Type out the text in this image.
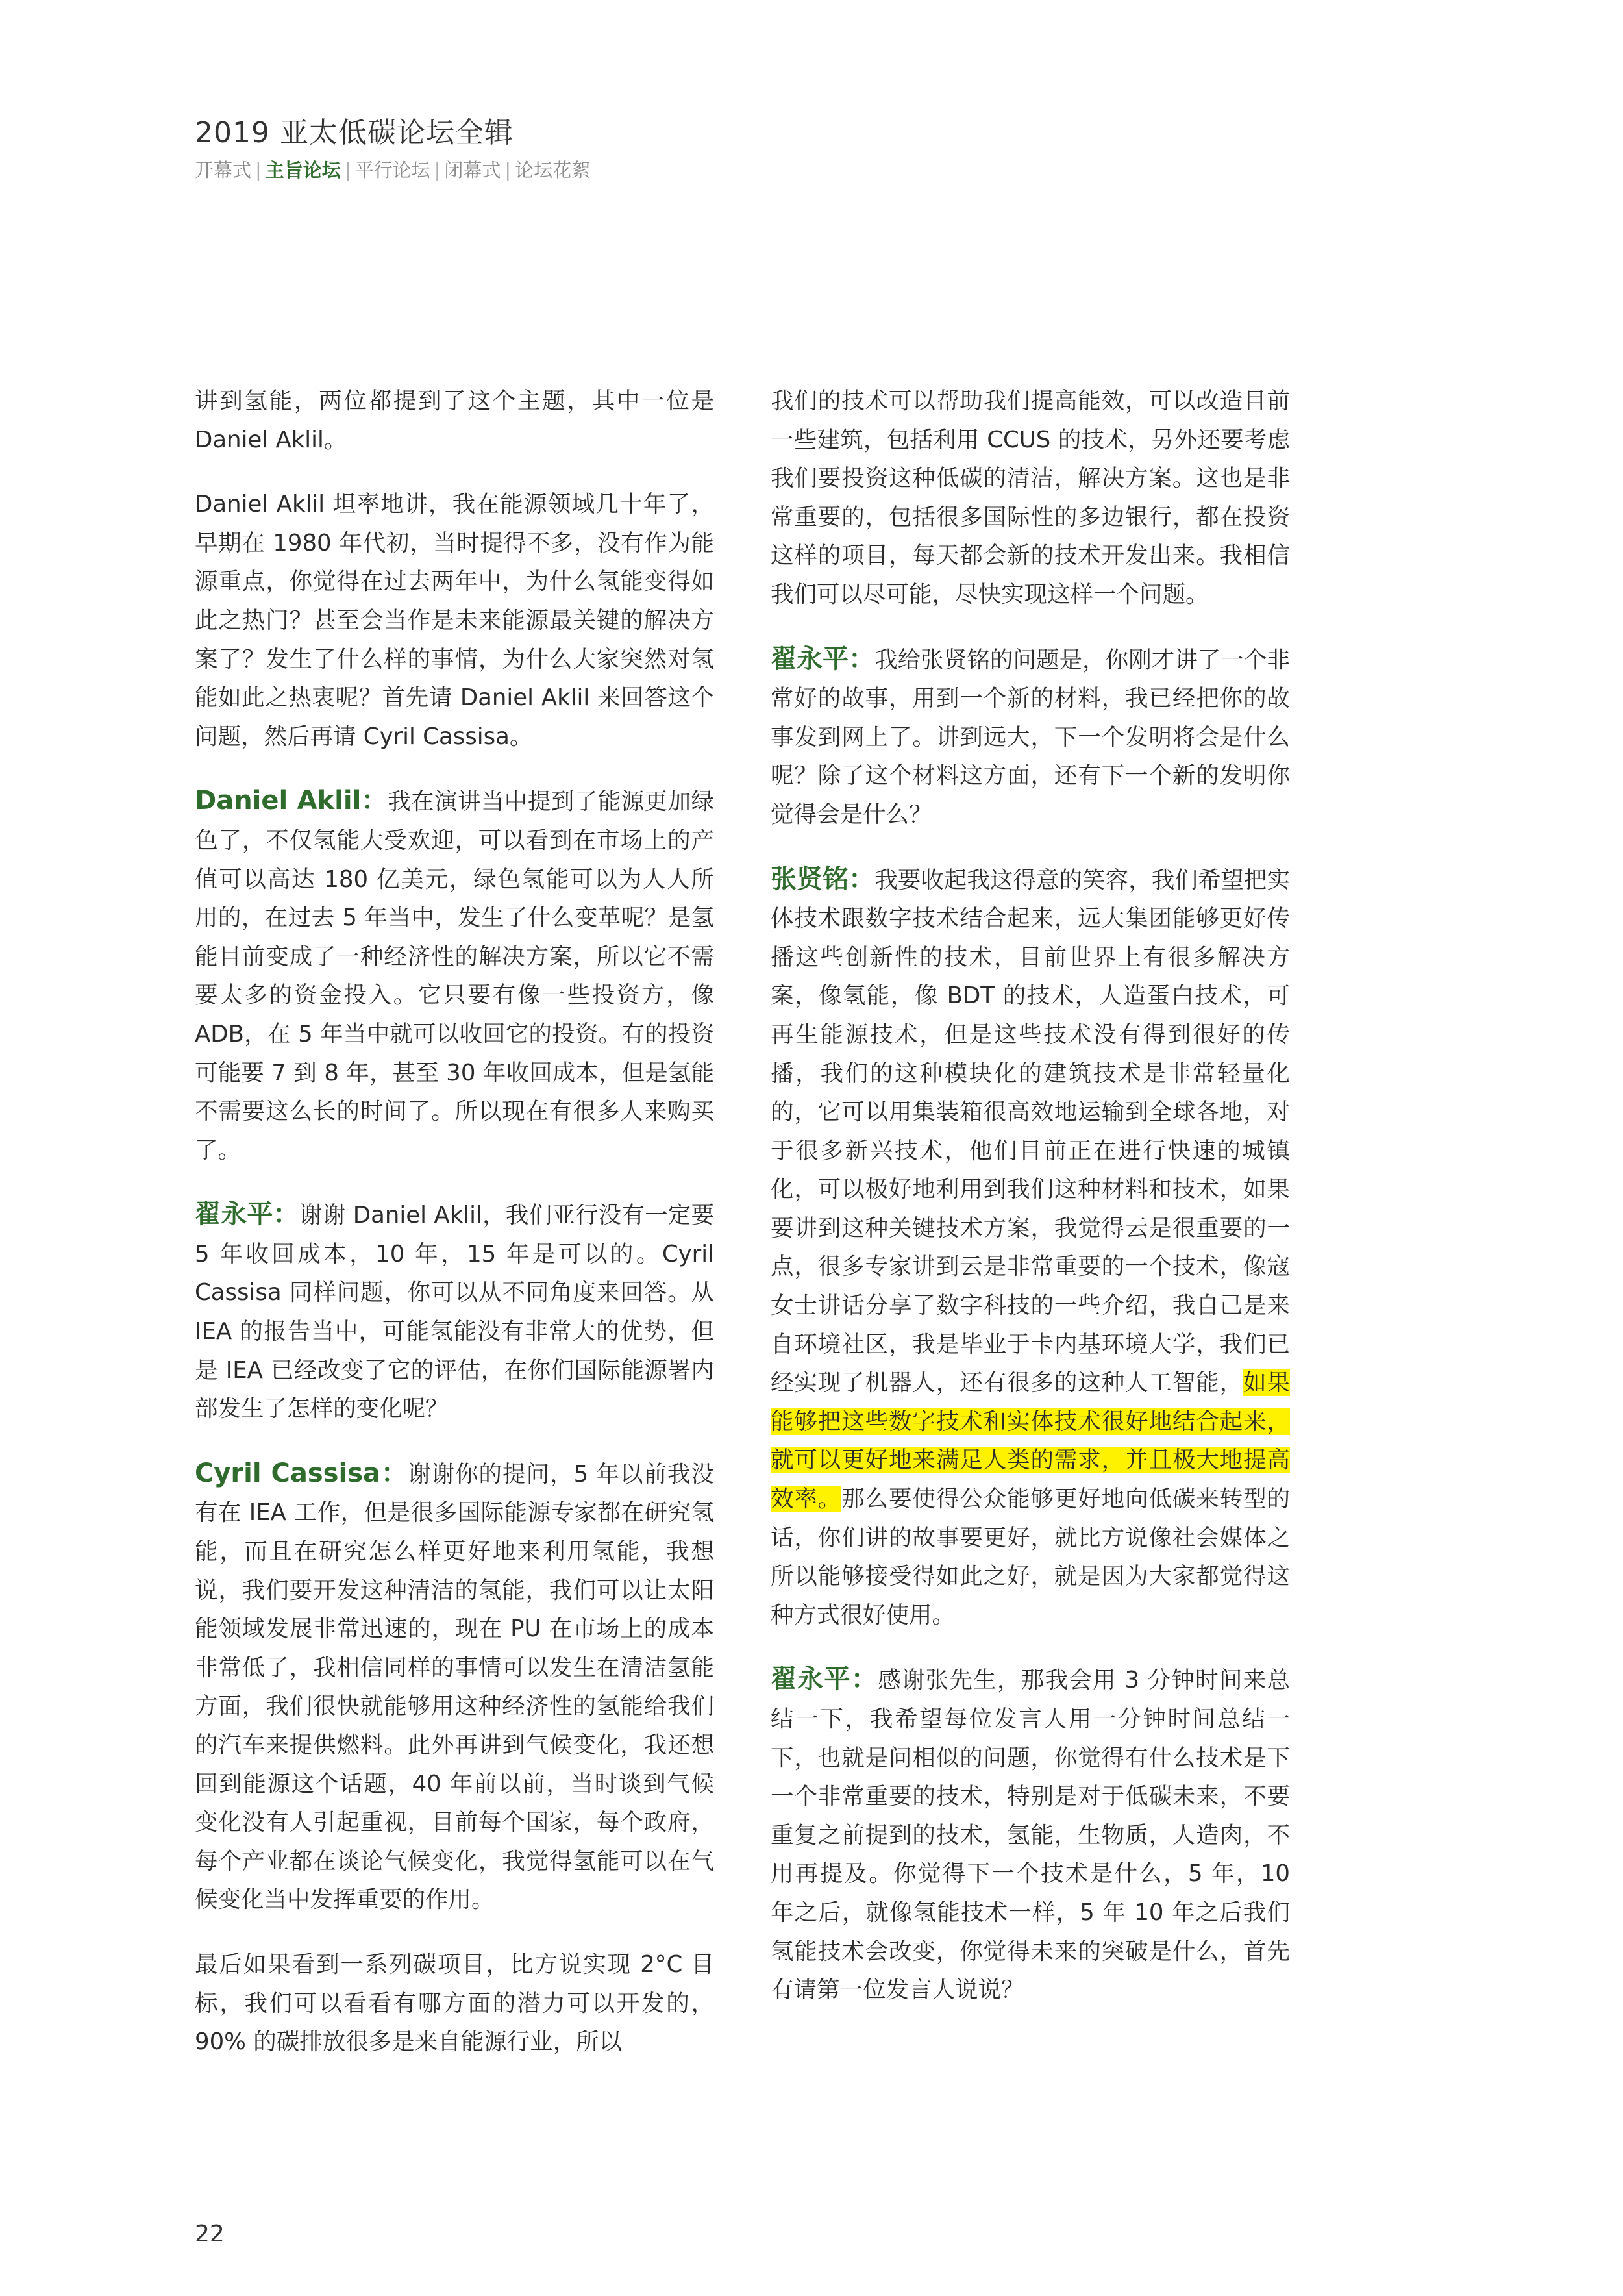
2019 亚太低碳论坛全辑
开幕式 | 主旨论坛 | 平行论坛 | 闭幕式 | 论坛花絮

讲到氢能，两位都提到了这个主题，其中一位是 Daniel Aklil。

Daniel Aklil 坦率地讲，我在能源领域几十年了，早期在 1980 年代初，当时提得不多，没有作为能源重点，你觉得在过去两年中，为什么氢能变得如此之热门？甚至会当作是未来能源最关键的解决方案了？发生了什么样的事情，为什么大家突然对氢能如此之热衷呢？首先请 Daniel Aklil 来回答这个问题，然后再请 Cyril Cassisa。

Daniel Aklil：我在演讲当中提到了能源更加绿色了，不仅氢能大受欢迎，可以看到在市场上的产值可以高达 180 亿美元，绿色氢能可以为人人所用的，在过去 5 年当中，发生了什么变革呢？是氢能目前变成了一种经济性的解决方案，所以它不需要太多的资金投入。它只要有像一些投资方，像 ADB，在 5 年当中就可以收回它的投资。有的投资可能要 7 到 8 年，甚至 30 年收回成本，但是氢能不需要这么长的时间了。所以现在有很多人来购买了。

翟永平：谢谢 Daniel Aklil，我们亚行没有一定要 5 年收回成本，10 年，15 年是可以的。Cyril Cassisa 同样问题，你可以从不同角度来回答。从 IEA 的报告当中，可能氢能没有非常大的优势，但是 IEA 已经改变了它的评估，在你们国际能源署内部发生了怎样的变化呢？

Cyril Cassisa：谢谢你的提问，5 年以前我没有在 IEA 工作，但是很多国际能源专家都在研究氢能，而且在研究怎么样更好地来利用氢能，我想说，我们要开发这种清洁的氢能，我们可以让太阳能领域发展非常迅速的，现在 PU 在市场上的成本非常低了，我相信同样的事情可以发生在清洁氢能方面，我们很快就能够用这种经济性的氢能给我们的汽车来提供燃料。此外再讲到气候变化，我还想回到能源这个话题，40 年前以前，当时谈到气候变化没有人引起重视，目前每个国家，每个政府，每个产业都在谈论气候变化，我觉得氢能可以在气候变化当中发挥重要的作用。

最后如果看到一系列碳项目，比方说实现 2°C 目标，我们可以看看有哪方面的潜力可以开发的，90% 的碳排放很多是来自能源行业，所以

我们的技术可以帮助我们提高能效，可以改造目前一些建筑，包括利用 CCUS 的技术，另外还要考虑我们要投资这种低碳的清洁，解决方案。这也是非常重要的，包括很多国际性的多边银行，都在投资这样的项目，每天都会新的技术开发出来。我相信我们可以尽可能，尽快实现这样一个问题。

翟永平：我给张贤铭的问题是，你刚才讲了一个非常好的故事，用到一个新的材料，我已经把你的故事发到网上了。讲到远大，下一个发明将会是什么呢？除了这个材料这方面，还有下一个新的发明你觉得会是什么？

张贤铭：我要收起我这得意的笑容，我们希望把实体技术跟数字技术结合起来，远大集团能够更好传播这些创新性的技术，目前世界上有很多解决方案，像氢能，像 BDT 的技术，人造蛋白技术，可再生能源技术，但是这些技术没有得到很好的传播，我们的这种模块化的建筑技术是非常轻量化的，它可以用集装箱很高效地运输到全球各地，对于很多新兴技术，他们目前正在进行快速的城镇化，可以极好地利用到我们这种材料和技术，如果要讲到这种关键技术方案，我觉得云是很重要的一点，很多专家讲到云是非常重要的一个技术，像寇女士讲话分享了数字科技的一些介绍，我自己是来自环境社区，我是毕业于卡内基环境大学，我们已经实现了机器人，还有很多的这种人工智能，如果能够把这些数字技术和实体技术很好地结合起来，就可以更好地来满足人类的需求，并且极大地提高效率。那么要使得公众能够更好地向低碳来转型的话，你们讲的故事要更好，就比方说像社会媒体之所以能够接受得如此之好，就是因为大家都觉得这种方式很好使用。

翟永平：感谢张先生，那我会用 3 分钟时间来总结一下，我希望每位发言人用一分钟时间总结一下，也就是问相似的问题，你觉得有什么技术是下一个非常重要的技术，特别是对于低碳未来，不要重复之前提到的技术，氢能，生物质，人造肉，不用再提及。你觉得下一个技术是什么，5 年，10 年之后，就像氢能技术一样，5 年 10 年之后我们氢能技术会改变，你觉得未来的突破是什么，首先有请第一位发言人说说？

22
